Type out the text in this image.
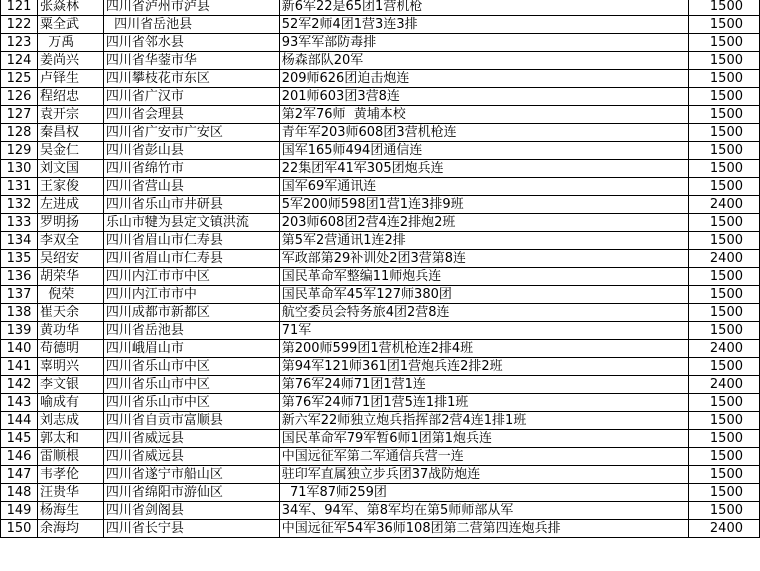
121	张焱林	四川省泸州市泸县	新6军22是65团1营机枪	1500
122	粟全武	四川省岳池县	52军2师4团1营3连3排	1500
123	万禹	四川省邻水县	93军军部防毒排	1500
124	姜尚兴	四川省华蓥市华	杨森部队20军	1500
125	卢铎生	四川攀枝花市东区	209师626团迫击炮连	1500
126	程绍忠	四川省广汉市	201师603团3营8连	1500
127	袁开宗	四川省会理县	第2军76师  黄埔本校	1500
128	秦昌权	四川省广安市广安区	青年军203师608团3营机枪连	1500
129	吴金仁	四川省彭山县	国军165师494团通信连	1500
130	刘文国	四川省绵竹市	22集团军41军305团炮兵连	1500
131	王家俊	四川省营山县	国军69军通讯连	1500
132	左进成	四川省乐山市井研县	5军200师598团1营1连3排9班	2400
133	罗明扬	乐山市犍为县定文镇洪流	203师608团2营4连2排炮2班	1500
134	李双全	四川省眉山市仁寿县	第5军2营通讯1连2排	1500
135	吴绍安	四川省眉山市仁寿县	军政部第29补训处2团3营第8连	2400
136	胡荣华	四川内江市市中区	国民革命军整编11师炮兵连	1500
137	倪荣	四川内江市市中	国民革命军45军127师380团	1500
138	崔天余	四川成都市新都区	航空委员会特务旅4团2营8连	1500
139	黄功华	四川省岳池县	71军	1500
140	苟德明	四川峨眉山市	第200师599团1营机枪连2排4班	2400
141	辜明兴	四川省乐山市中区	第94军121师361团1营炮兵连2排2班	1500
142	李文银	四川省乐山市中区	第76军24师71团1营1连	2400
143	喻成有	四川省乐山市中区	第76军24师71团1营5连1排1班	1500
144	刘志成	四川省自贡市富顺县	新六军22师独立炮兵指挥部2营4连1排1班	1500
145	郭太和	四川省威远县	国民革命军79军暂6师1团第1炮兵连	1500
146	雷顺根	四川省威远县	中国远征军第二军通信兵营一连	1500
147	韦孝伦	四川省遂宁市船山区	驻印军直属独立步兵团37战防炮连	1500
148	汪贵华	四川省绵阳市游仙区	71军87师259团	1500
149	杨海生	四川省剑阁县	34军、94军、第8军均在第5师师部从军	1500
150	余海均	四川省长宁县	中国远征军54军36师108团第二营第四连炮兵排	2400
